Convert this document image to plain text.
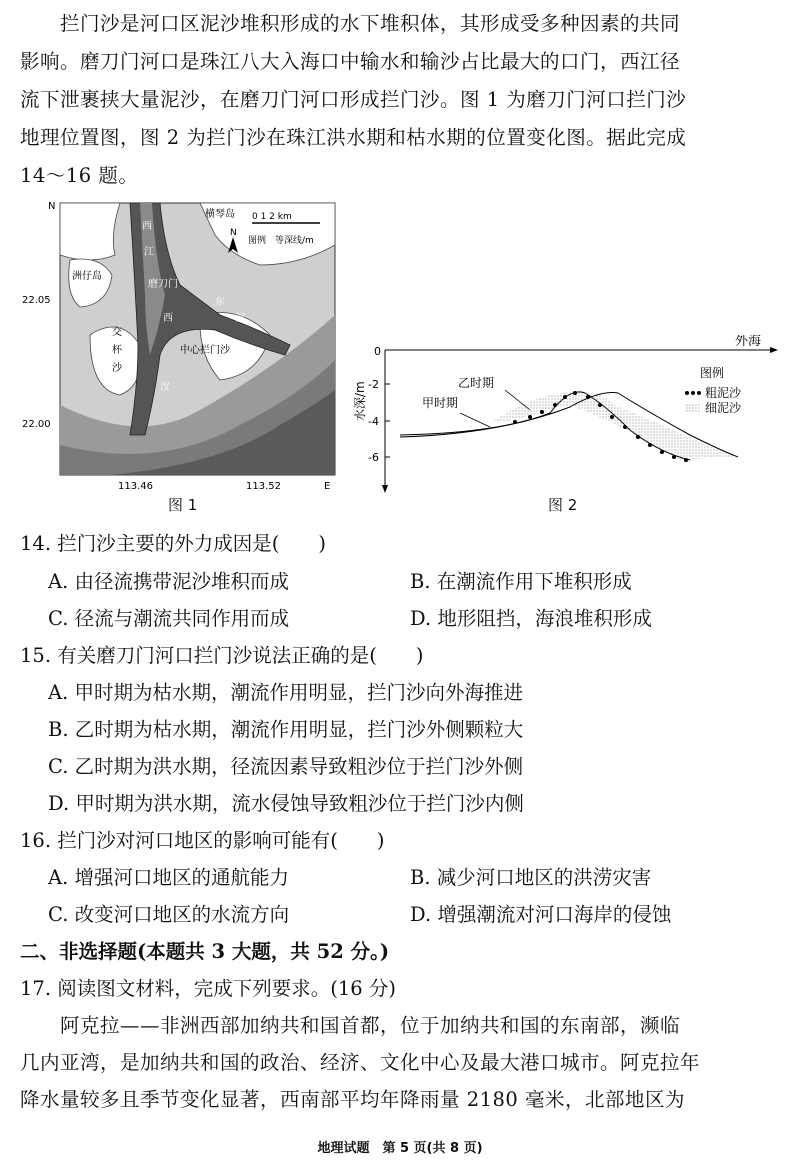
拦门沙是河口区泥沙堆积形成的水下堆积体，其形成受多种因素的共同
影响。磨刀门河口是珠江八大入海口中输水和输沙占比最大的口门，西江径
流下泄裹挟大量泥沙，在磨刀门河口形成拦门沙。图 1 为磨刀门河口拦门沙
地理位置图，图 2 为拦门沙在珠江洪水期和枯水期的位置变化图。据此完成
14～16 题。
N
E
22.05
22.00
113.46	113.52
横琴岛 0 1 2 km
N
图例 等深线/m
洲仔岛
交
杯
沙
西
江
磨刀门
东
汊
西
汊
中心拦门沙
图 1
外海
水深/m
0
-2
-4
-6
乙时期
甲时期
图例
粗泥沙
细泥沙
图 2
14. 拦门沙主要的外力成因是(　　)
A. 由径流携带泥沙堆积而成	B. 在潮流作用下堆积形成
C. 径流与潮流共同作用而成	D. 地形阻挡，海浪堆积形成
15. 有关磨刀门河口拦门沙说法正确的是(　　)
A. 甲时期为枯水期，潮流作用明显，拦门沙向外海推进
B. 乙时期为枯水期，潮流作用明显，拦门沙外侧颗粒大
C. 乙时期为洪水期，径流因素导致粗沙位于拦门沙外侧
D. 甲时期为洪水期，流水侵蚀导致粗沙位于拦门沙内侧
16. 拦门沙对河口地区的影响可能有(　　)
A. 增强河口地区的通航能力	B. 减少河口地区的洪涝灾害
C. 改变河口地区的水流方向	D. 增强潮流对河口海岸的侵蚀
二、非选择题(本题共 3 大题，共 52 分。)
17. 阅读图文材料，完成下列要求。(16 分)
阿克拉——非洲西部加纳共和国首都，位于加纳共和国的东南部，濒临
几内亚湾，是加纳共和国的政治、经济、文化中心及最大港口城市。阿克拉年
降水量较多且季节变化显著，西南部平均年降雨量 2180 毫米，北部地区为
地理试题　第 5 页(共 8 页)
